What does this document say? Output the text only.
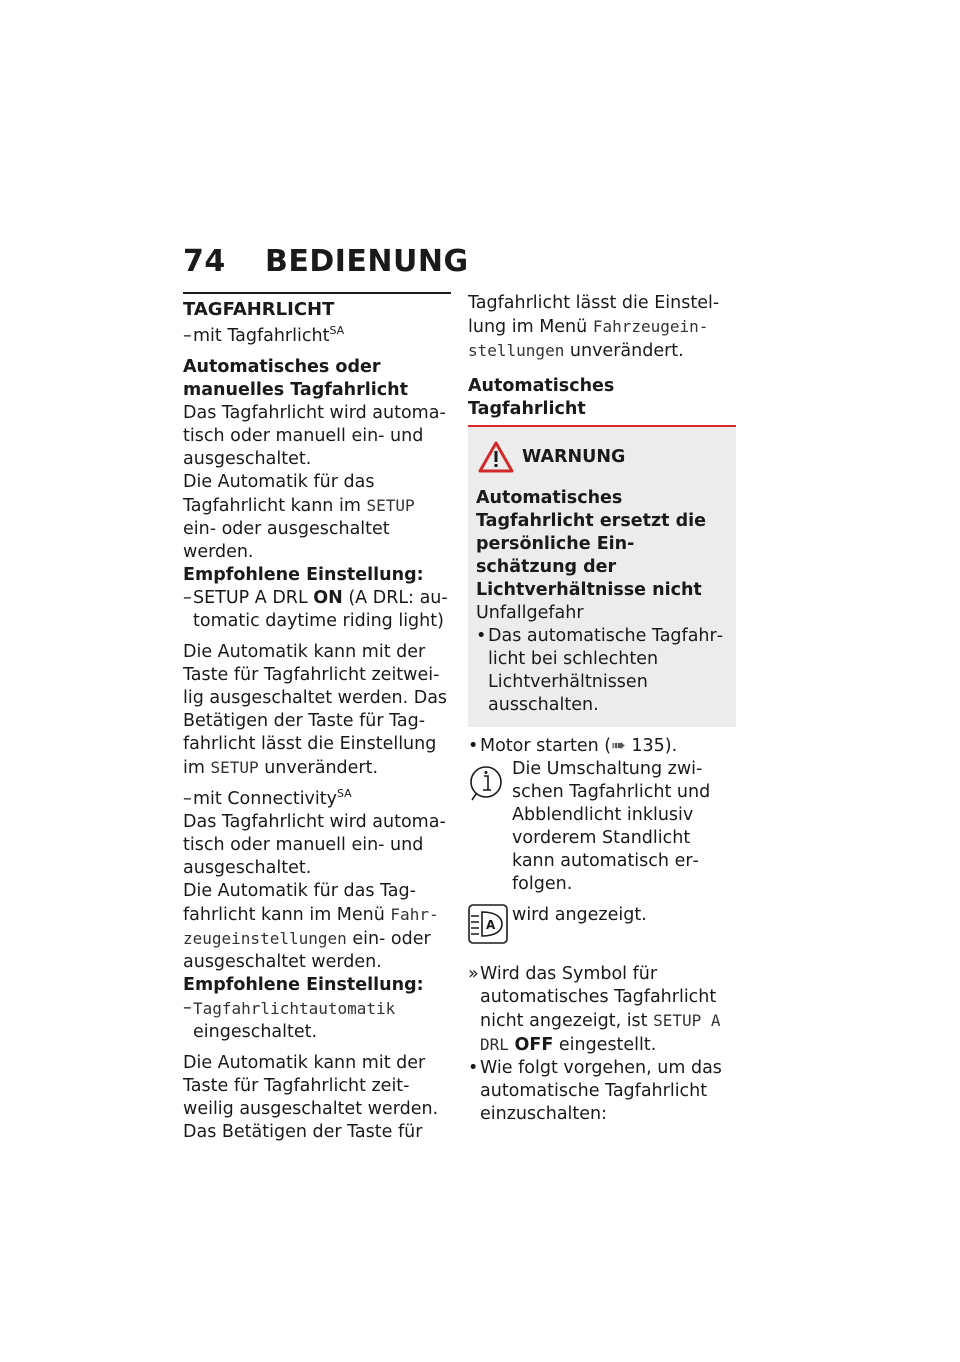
74 BEDIENUNG
TAGFAHRLICHT

– mit Tagfahrlicht$^{SA}$

Automatisches oder manuelles Tagfahrlicht

Das Tagfahrlicht wird automatisch oder manuell ein- und ausgeschaltet.

Die Automatik für das Tagfahrlicht kann im SETUP ein- oder ausgeschaltet werden.

Empfohlene Einstellung:

– SETUP A DRL ON (A DRL: automatic daytime riding light)

Die Automatik kann mit der Taste für Tagfahrlicht zeitweilig ausgeschaltet werden. Das Betätigen der Taste für Tagfahrlicht lässt die Einstellung im SETUP unverändert.

– mit Connectivity$^{SA}$

Das Tagfahrlicht wird automatisch oder manuell ein- und ausgeschaltet.

Die Automatik für das Tagfahrlicht kann im Menü Fahrzeugeinstellungen ein- oder ausgeschaltet werden.

Empfohlene Einstellung:

– Tagfahrlichtautomatik eingeschaltet.

Die Automatik kann mit der Taste für Tagfahrlicht zeitweilig ausgeschaltet werden. Das Betätigen der Taste für

Tagfahrlicht lässt die Einstellung im Menü Fahrzeugeinstellungen unverändert.

Automatisches Tagfahrlicht
WARNUNG
Automatisches Tagfahrlicht ersetzt die persönliche Einschätzung der Lichtverhältnisse nicht

Unfallgefahr

• Das automatische Tagfahrlicht bei schlechten Lichtverhältnissen ausschalten.

• Motor starten (➠ 135).

Die Umschaltung zwischen Tagfahrlicht und Abblendlicht inklusiv vorderem Standlicht kann automatisch erfolgen.
A wird angezeigt.

» Wird das Symbol für automatisches Tagfahrlicht nicht angezeigt, ist SETUP A DRL OFF eingestellt.

• Wie folgt vorgehen, um das automatische Tagfahrlicht einzuschalten:
